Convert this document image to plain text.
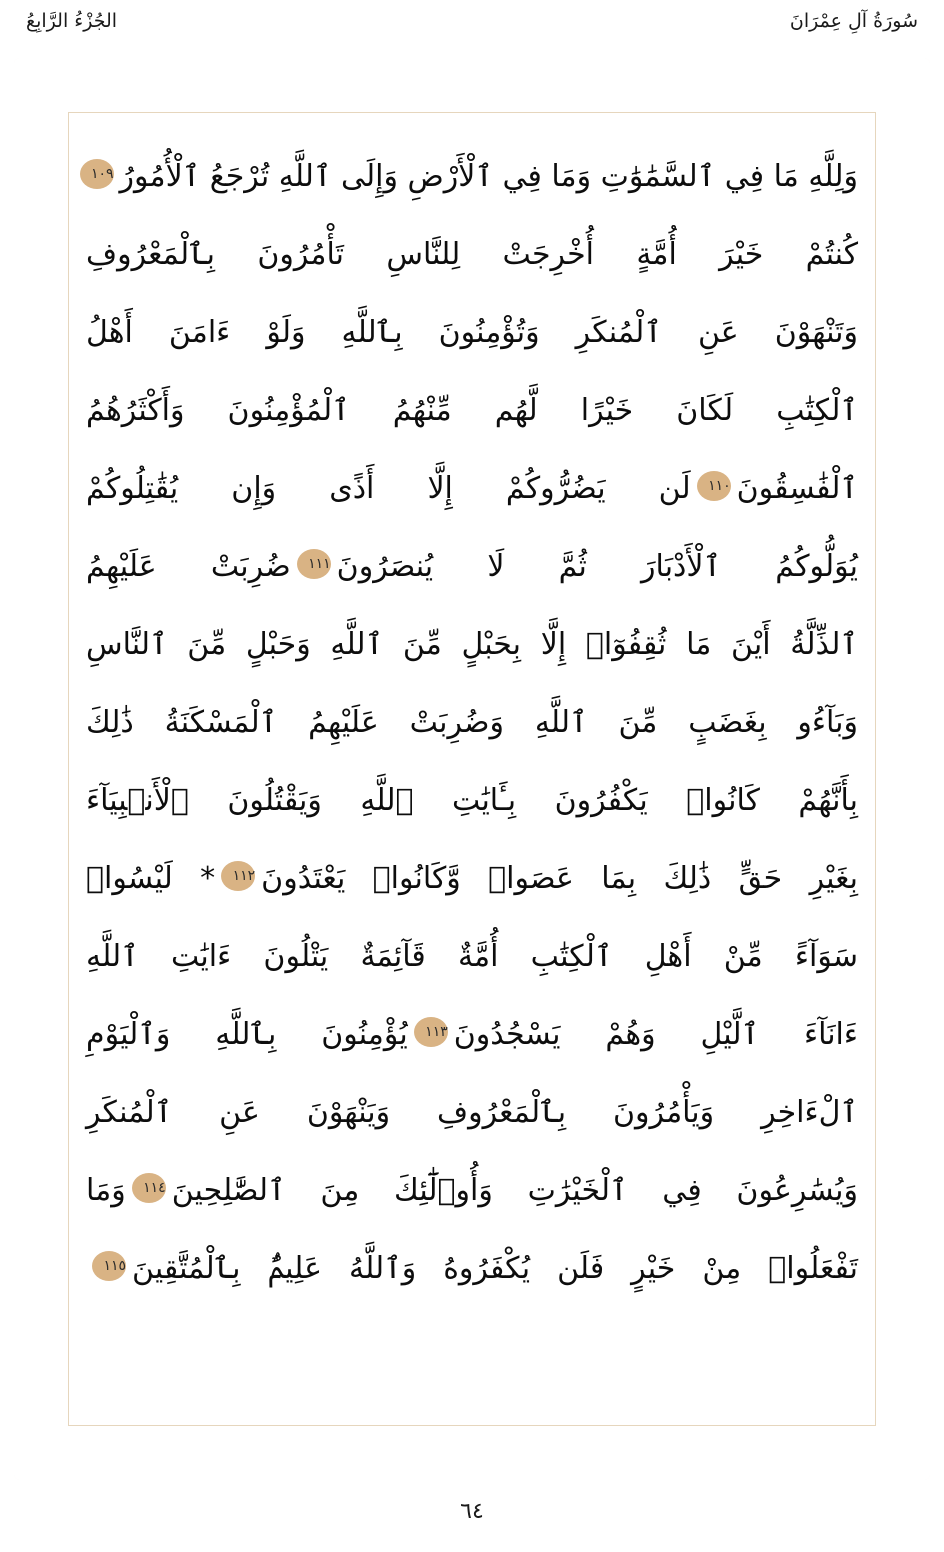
الجُزْءُ الرَّابِعُ	سُورَةُ آلِ عِمْرَانَ
وَلِلَّهِ مَا فِي ٱلسَّمَٰوَٰتِ وَمَا فِي ٱلْأَرْضِ وَإِلَى ٱللَّهِ تُرْجَعُ ٱلْأُمُورُ١٠٩
كُنتُمْ خَيْرَ أُمَّةٍ أُخْرِجَتْ لِلنَّاسِ تَأْمُرُونَ بِٱلْمَعْرُوفِ
وَتَنْهَوْنَ عَنِ ٱلْمُنكَرِ وَتُؤْمِنُونَ بِٱللَّهِ وَلَوْ ءَامَنَ أَهْلُ
ٱلْكِتَٰبِ لَكَانَ خَيْرًا لَّهُم مِّنْهُمُ ٱلْمُؤْمِنُونَ وَأَكْثَرُهُمُ
ٱلْفَٰسِقُونَ١١٠لَن يَضُرُّوكُمْ إِلَّا أَذًى وَإِن يُقَٰتِلُوكُمْ
يُوَلُّوكُمُ ٱلْأَدْبَارَ ثُمَّ لَا يُنصَرُونَ١١١ضُرِبَتْ عَلَيْهِمُ
ٱلذِّلَّةُ أَيْنَ مَا ثُقِفُوٓا۟ إِلَّا بِحَبْلٍ مِّنَ ٱللَّهِ وَحَبْلٍ مِّنَ ٱلنَّاسِ
وَبَآءُو بِغَضَبٍ مِّنَ ٱللَّهِ وَضُرِبَتْ عَلَيْهِمُ ٱلْمَسْكَنَةُ ذَٰلِكَ
بِأَنَّهُمْ كَانُوا۟ يَكْفُرُونَ بِـَٔايَٰتِ ٱللَّهِ وَيَقْتُلُونَ ٱلْأَنۢبِيَآءَ
بِغَيْرِ حَقٍّ ذَٰلِكَ بِمَا عَصَوا۟ وَّكَانُوا۟ يَعْتَدُونَ١١٢* لَيْسُوا۟
سَوَآءً مِّنْ أَهْلِ ٱلْكِتَٰبِ أُمَّةٌ قَآئِمَةٌ يَتْلُونَ ءَايَٰتِ ٱللَّهِ
ءَانَآءَ ٱلَّيْلِ وَهُمْ يَسْجُدُونَ١١٣يُؤْمِنُونَ بِٱللَّهِ وَٱلْيَوْمِ
ٱلْءَاخِرِ وَيَأْمُرُونَ بِٱلْمَعْرُوفِ وَيَنْهَوْنَ عَنِ ٱلْمُنكَرِ
وَيُسَٰرِعُونَ فِي ٱلْخَيْرَٰتِ وَأُو۟لَٰٓئِكَ مِنَ ٱلصَّٰلِحِينَ١١٤وَمَا
تَفْعَلُوا۟ مِنْ خَيْرٍ فَلَن يُكْفَرُوهُ وَٱللَّهُ عَلِيمٌۢ بِٱلْمُتَّقِينَ١١٥
٦٤
